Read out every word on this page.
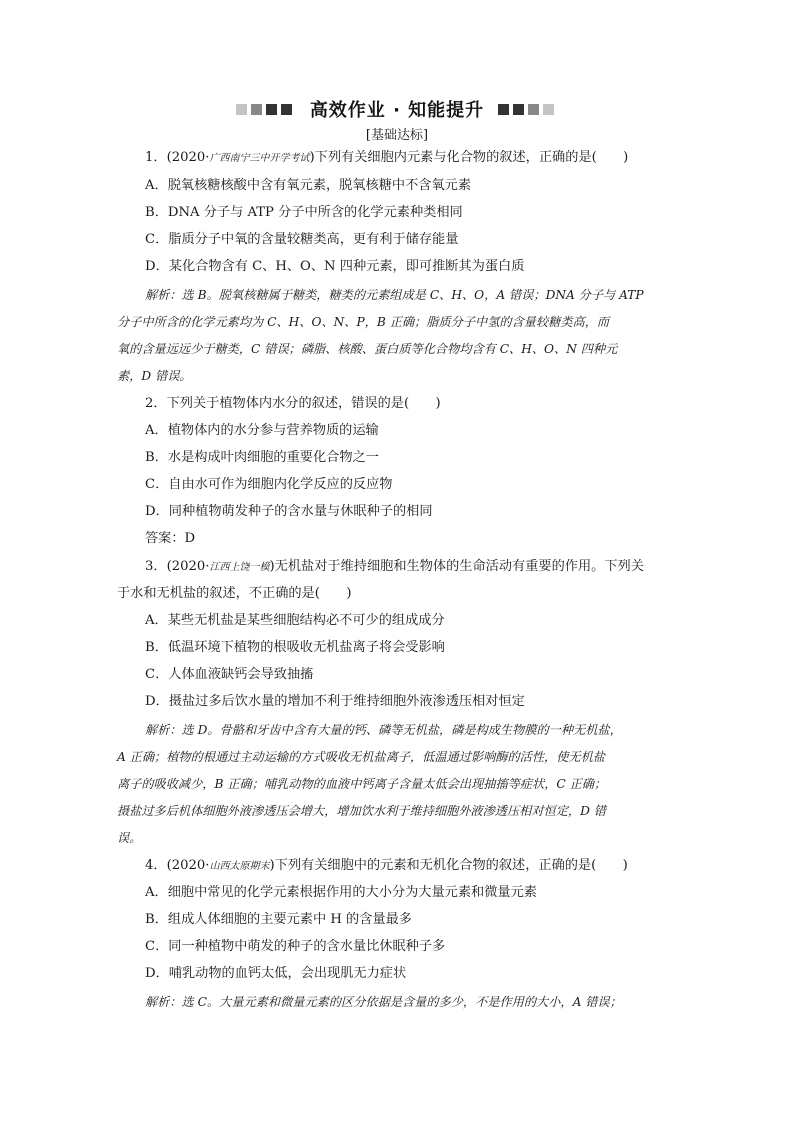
高效作业 · 知能提升
[基础达标]
1．(2020·广西南宁三中开学考试)下列有关细胞内元素与化合物的叙述，正确的是(　　)
A．脱氧核糖核酸中含有氧元素，脱氧核糖中不含氧元素
B．DNA 分子与 ATP 分子中所含的化学元素种类相同
C．脂质分子中氧的含量较糖类高，更有利于储存能量
D．某化合物含有 C、H、O、N 四种元素，即可推断其为蛋白质
解析：选 B。脱氧核糖属于糖类，糖类的元素组成是 C、H、O，A 错误；DNA 分子与 ATP
分子中所含的化学元素均为 C、H、O、N、P，B 正确；脂质分子中氢的含量较糖类高，而
氧的含量远远少于糖类，C 错误；磷脂、核酸、蛋白质等化合物均含有 C、H、O、N 四种元
素，D 错误。
2．下列关于植物体内水分的叙述，错误的是(　　)
A．植物体内的水分参与营养物质的运输
B．水是构成叶肉细胞的重要化合物之一
C．自由水可作为细胞内化学反应的反应物
D．同种植物萌发种子的含水量与休眠种子的相同
答案：D
3．(2020·江西上饶一模)无机盐对于维持细胞和生物体的生命活动有重要的作用。下列关
于水和无机盐的叙述，不正确的是(　　)
A．某些无机盐是某些细胞结构必不可少的组成成分
B．低温环境下植物的根吸收无机盐离子将会受影响
C．人体血液缺钙会导致抽搐
D．摄盐过多后饮水量的增加不利于维持细胞外液渗透压相对恒定
解析：选 D。骨骼和牙齿中含有大量的钙、磷等无机盐，磷是构成生物膜的一种无机盐，
A 正确；植物的根通过主动运输的方式吸收无机盐离子，低温通过影响酶的活性，使无机盐
离子的吸收减少，B 正确；哺乳动物的血液中钙离子含量太低会出现抽搐等症状，C 正确；
摄盐过多后机体细胞外液渗透压会增大，增加饮水利于维持细胞外液渗透压相对恒定，D 错
误。
4．(2020·山西太原期末)下列有关细胞中的元素和无机化合物的叙述，正确的是(　　)
A．细胞中常见的化学元素根据作用的大小分为大量元素和微量元素
B．组成人体细胞的主要元素中 H 的含量最多
C．同一种植物中萌发的种子的含水量比休眠种子多
D．哺乳动物的血钙太低，会出现肌无力症状
解析：选 C。大量元素和微量元素的区分依据是含量的多少，不是作用的大小，A 错误；
